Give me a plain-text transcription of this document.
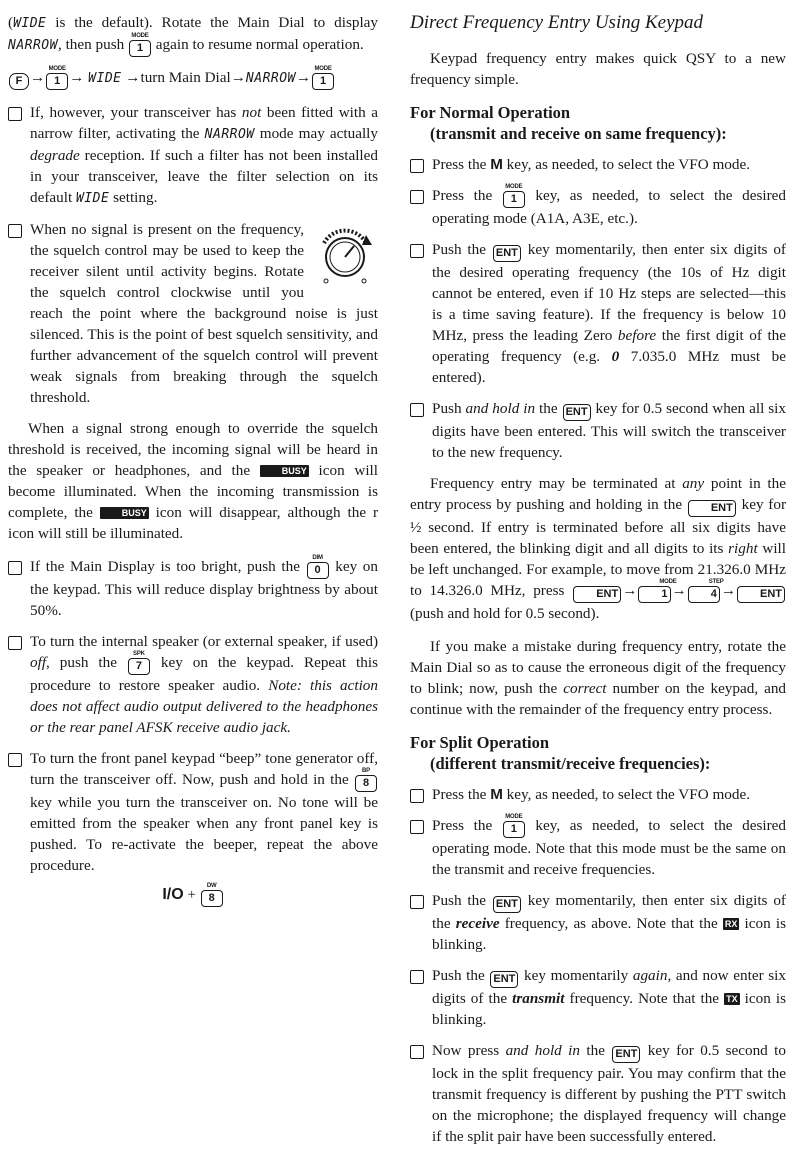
(WIDE is the default). Rotate the Main Dial to display NARROW, then push MODE
1 again to resume normal operation.

F → MODE
1 → WIDE →turn Main Dial→NARROW→ MODE
1

If, however, your transceiver has not been fitted with a narrow filter, activating the NARROW mode may actually degrade reception. If such a filter has not been installed in your transceiver, leave the filter selection on its default WIDE setting.

When no signal is present on the frequency, the squelch control may be used to keep the receiver silent until activity begins. Rotate the squelch control clockwise until you reach the point where the background noise is just silenced. This is the point of best squelch sensitivity, and further advancement of the squelch control will prevent weak signals from breaking through the squelch threshold.

When a signal strong enough to override the squelch threshold is received, the incoming signal will be heard in the speaker or headphones, and the BUSY icon will become illuminated. When the incoming transmission is complete, the BUSY icon will disappear, although the r icon will still be illuminated.

If the Main Display is too bright, push the	DIM
0 key on the keypad. This will reduce display brightness by about 50%.

To turn the internal speaker (or external speaker, if used) off, push the	SPK
7 key on the keypad. Repeat this procedure to restore speaker audio. Note: this action does not affect audio output delivered to the headphones or the rear panel AFSK receive audio jack.

To turn the front panel keypad “beep” tone generator off, turn the transceiver off. Now, push and hold in the	BP
8 key while you turn the transceiver on. No tone will be emitted from the speaker when any front panel key is pushed. To re-activate the beeper, repeat the above procedure.

I/O +
DW
8
Direct Frequency Entry Using Keypad

Keypad frequency entry makes quick QSY to a new frequency simple.

For Normal Operation
(transmit and receive on same frequency):

Press the M key, as needed, to select the VFO mode.

Press the MODE
1 key, as needed, to select the desired operating mode (A1A, A3E, etc.).

Push the ENT key momentarily, then enter six digits of the desired operating frequency (the 10s of Hz digit cannot be entered, even if 10 Hz steps are selected—this is a time saving feature). If the frequency is below 10 MHz, press the leading Zero before the first digit of the operating frequency (e.g. 0 7.035.0 MHz must be entered).

Push and hold in the ENT key for 0.5 second when all six digits have been entered. This will switch the transceiver to the new frequency.

Frequency entry may be terminated at any point in the entry process by pushing and holding in the ENT key for ½ second. If entry is terminated before all six digits have been entered, the blinking digit and all digits to its right will be left unchanged. For example, to move from 21.326.0 MHz to 14.326.0 MHz, press ENT →	MODE
1 →	STEP
4 → ENT (push and hold for 0.5 second).

If you make a mistake during frequency entry, rotate the Main Dial so as to cause the erroneous digit of the frequency to blink; now, push the correct number on the keypad, and continue with the remainder of the frequency entry process.

For Split Operation
(different transmit/receive frequencies):

Press the M key, as needed, to select the VFO mode.

Press the MODE
1 key, as needed, to select the desired operating mode. Note that this mode must be the same on the transmit and receive frequencies.

Push the ENT key momentarily, then enter six digits of the receive frequency, as above. Note that the RX icon is blinking.

Push the ENT key momentarily again, and now enter six digits of the transmit frequency. Note that the TX icon is blinking.

Now press and hold in the ENT key for 0.5 second to lock in the split frequency pair. You may confirm that the transmit frequency is different by pushing the PTT switch on the microphone; the displayed frequency will change if the split pair have been successfully entered.
